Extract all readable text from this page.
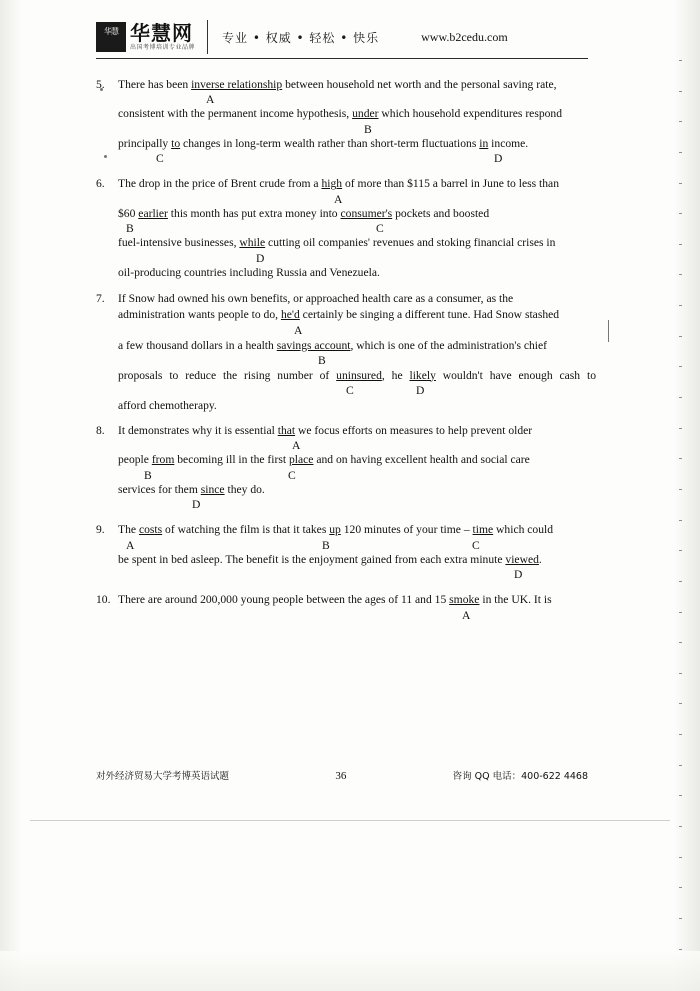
华慧 华慧网
出国考博培训专业品牌
专业 • 权威 • 轻松 • 快乐	www.b2cedu.com
5. There has been inverse relationship between household net worth and the personal saving rate,
A
consistent with the permanent income hypothesis, under which household expenditures respond
B
principally to changes in long-term wealth rather than short-term fluctuations in income.
C	D
6. The drop in the price of Brent crude from a high of more than $115 a barrel in June to less than
A
$60 earlier this month has put extra money into consumer's pockets and boosted
B	C
fuel-intensive businesses, while cutting oil companies' revenues and stoking financial crises in
D
oil-producing countries including Russia and Venezuela.
7. If Snow had owned his own benefits, or approached health care as a consumer, as the
administration wants people to do, he'd certainly be singing a different tune. Had Snow stashed
A
a few thousand dollars in a health savings account, which is one of the administration's chief
B
proposals to reduce the rising number of uninsured, he likely wouldn't have enough cash to
C	D
afford chemotherapy.
8. It demonstrates why it is essential that we focus efforts on measures to help prevent older
A
people from becoming ill in the first place and on having excellent health and social care
B	C
services for them since they do.
D
9. The costs of watching the film is that it takes up 120 minutes of your time – time which could
A	B	C
be spent in bed asleep. The benefit is the enjoyment gained from each extra minute viewed.
D
10. There are around 200,000 young people between the ages of 11 and 15 smoke in the UK. It is
A
对外经济贸易大学考博英语试题	36	咨询 QQ 电话：400-622 4468
